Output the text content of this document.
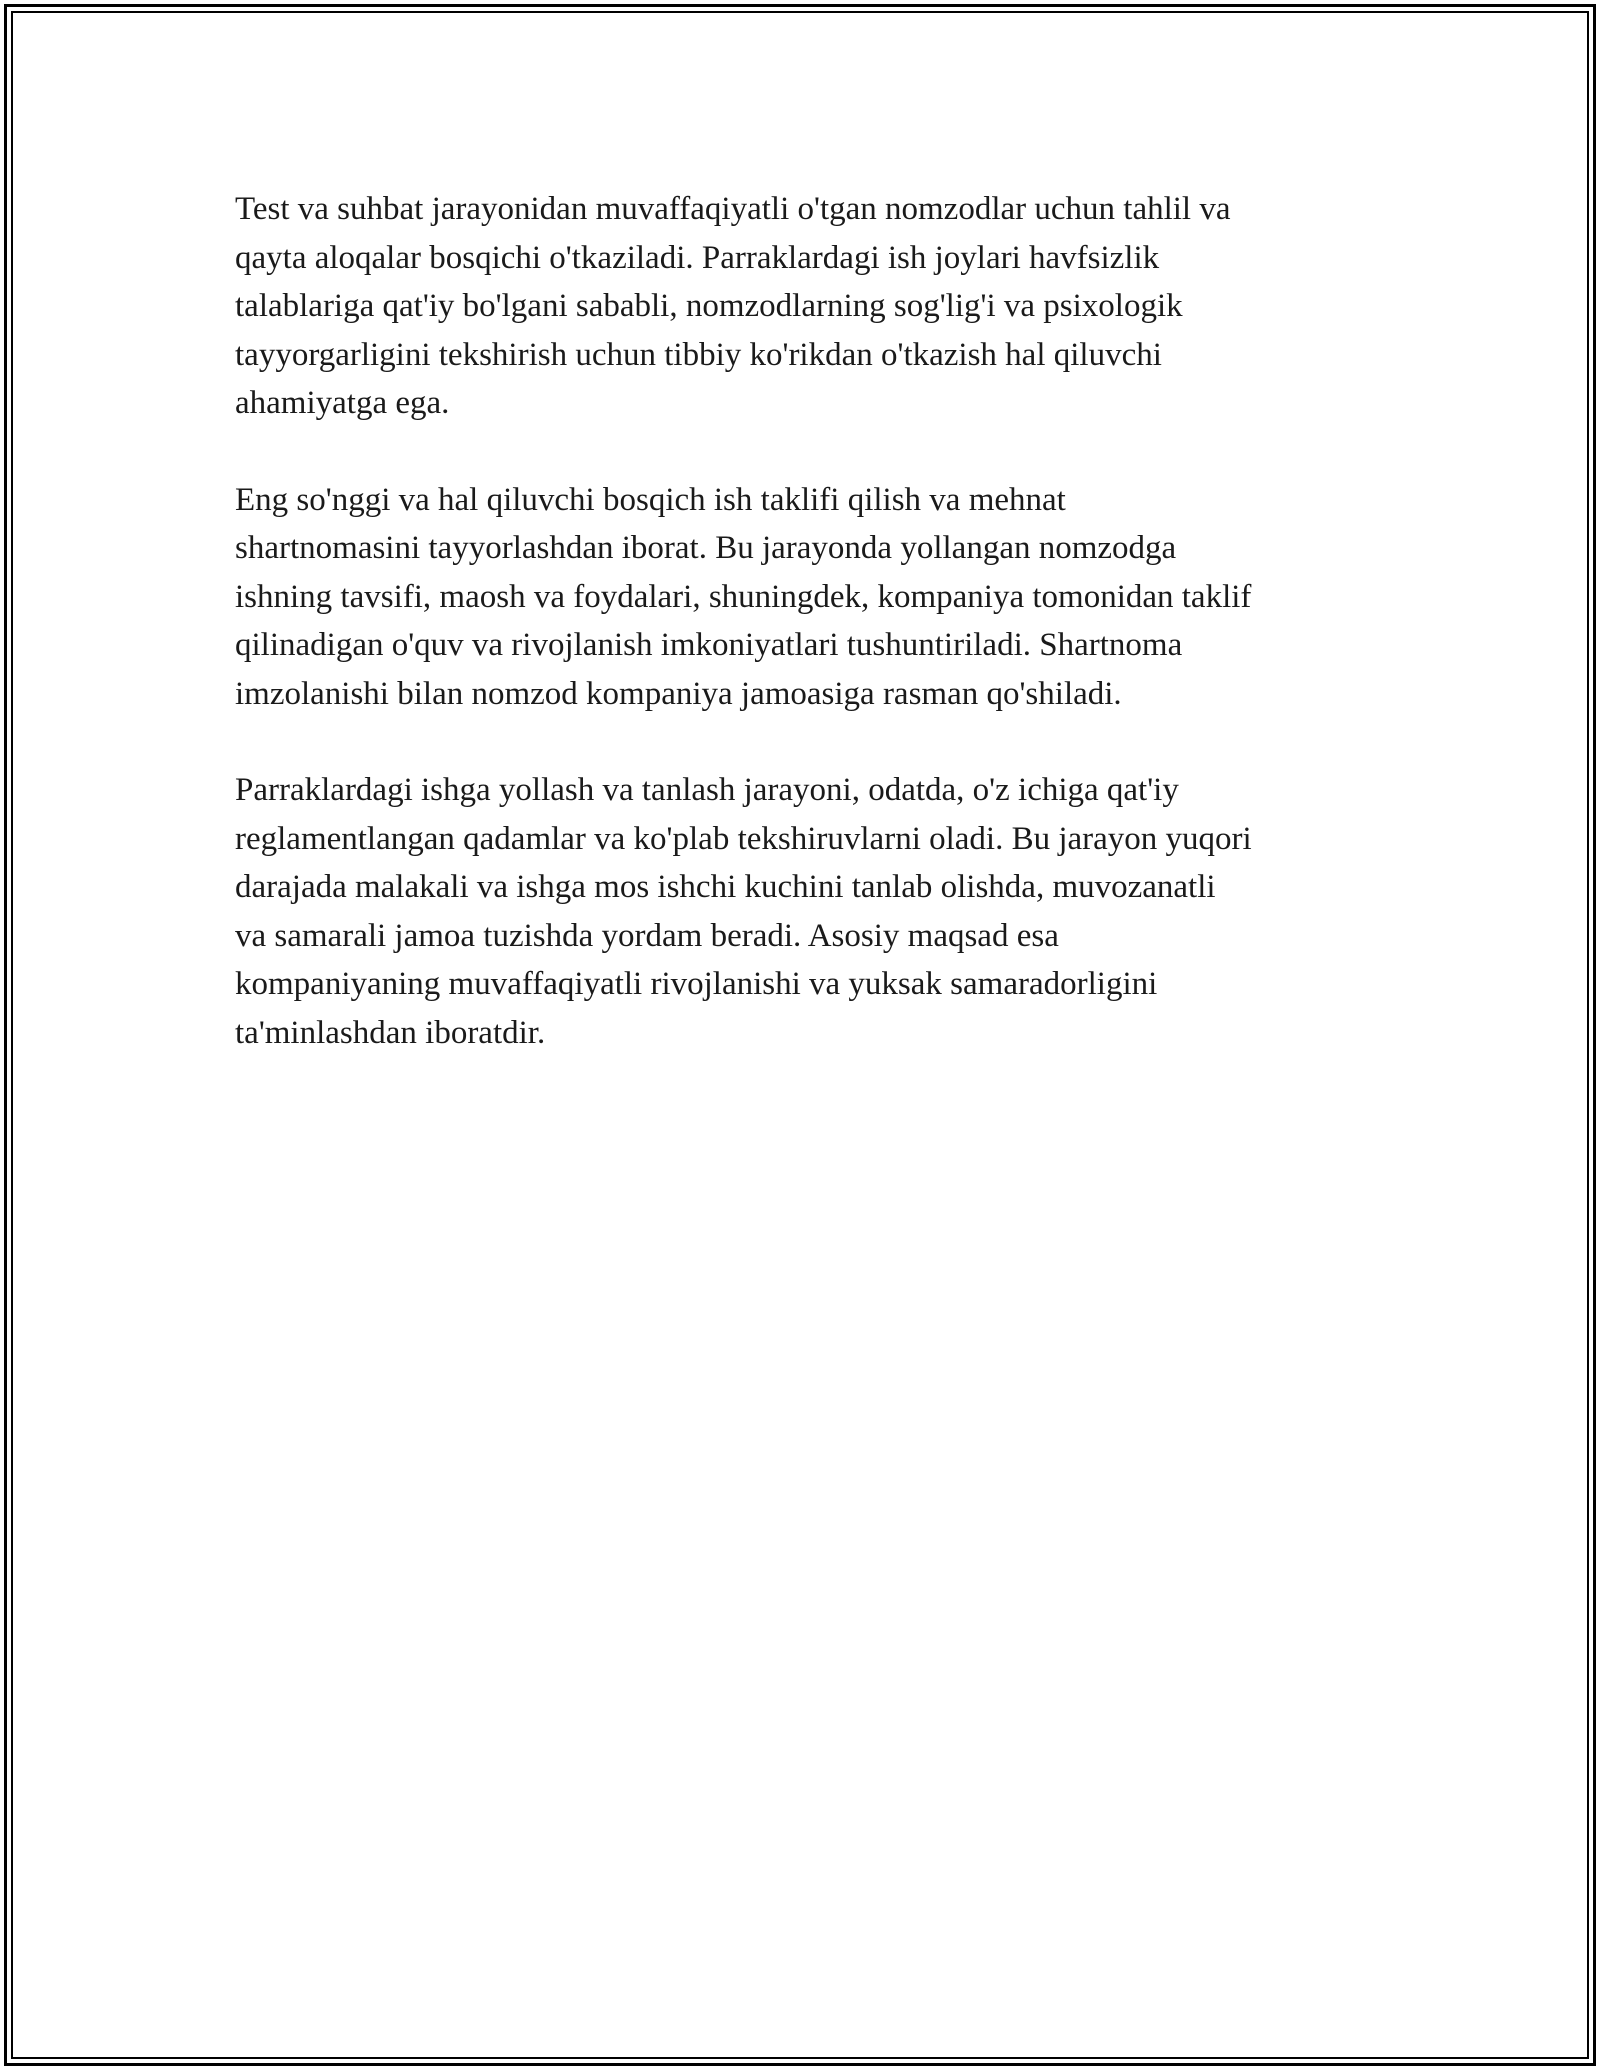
Test va suhbat jarayonidan muvaffaqiyatli o'tgan nomzodlar uchun tahlil va
qayta aloqalar bosqichi o'tkaziladi. Parraklardagi ish joylari havfsizlik
talablariga qat'iy bo'lgani sababli, nomzodlarning sog'lig'i va psixologik
tayyorgarligini tekshirish uchun tibbiy ko'rikdan o'tkazish hal qiluvchi
ahamiyatga ega.

Eng so'nggi va hal qiluvchi bosqich ish taklifi qilish va mehnat
shartnomasini tayyorlashdan iborat. Bu jarayonda yollangan nomzodga
ishning tavsifi, maosh va foydalari, shuningdek, kompaniya tomonidan taklif
qilinadigan o'quv va rivojlanish imkoniyatlari tushuntiriladi. Shartnoma
imzolanishi bilan nomzod kompaniya jamoasiga rasman qo'shiladi.

Parraklardagi ishga yollash va tanlash jarayoni, odatda, o'z ichiga qat'iy
reglamentlangan qadamlar va ko'plab tekshiruvlarni oladi. Bu jarayon yuqori
darajada malakali va ishga mos ishchi kuchini tanlab olishda, muvozanatli
va samarali jamoa tuzishda yordam beradi. Asosiy maqsad esa
kompaniyaning muvaffaqiyatli rivojlanishi va yuksak samaradorligini
ta'minlashdan iboratdir.
